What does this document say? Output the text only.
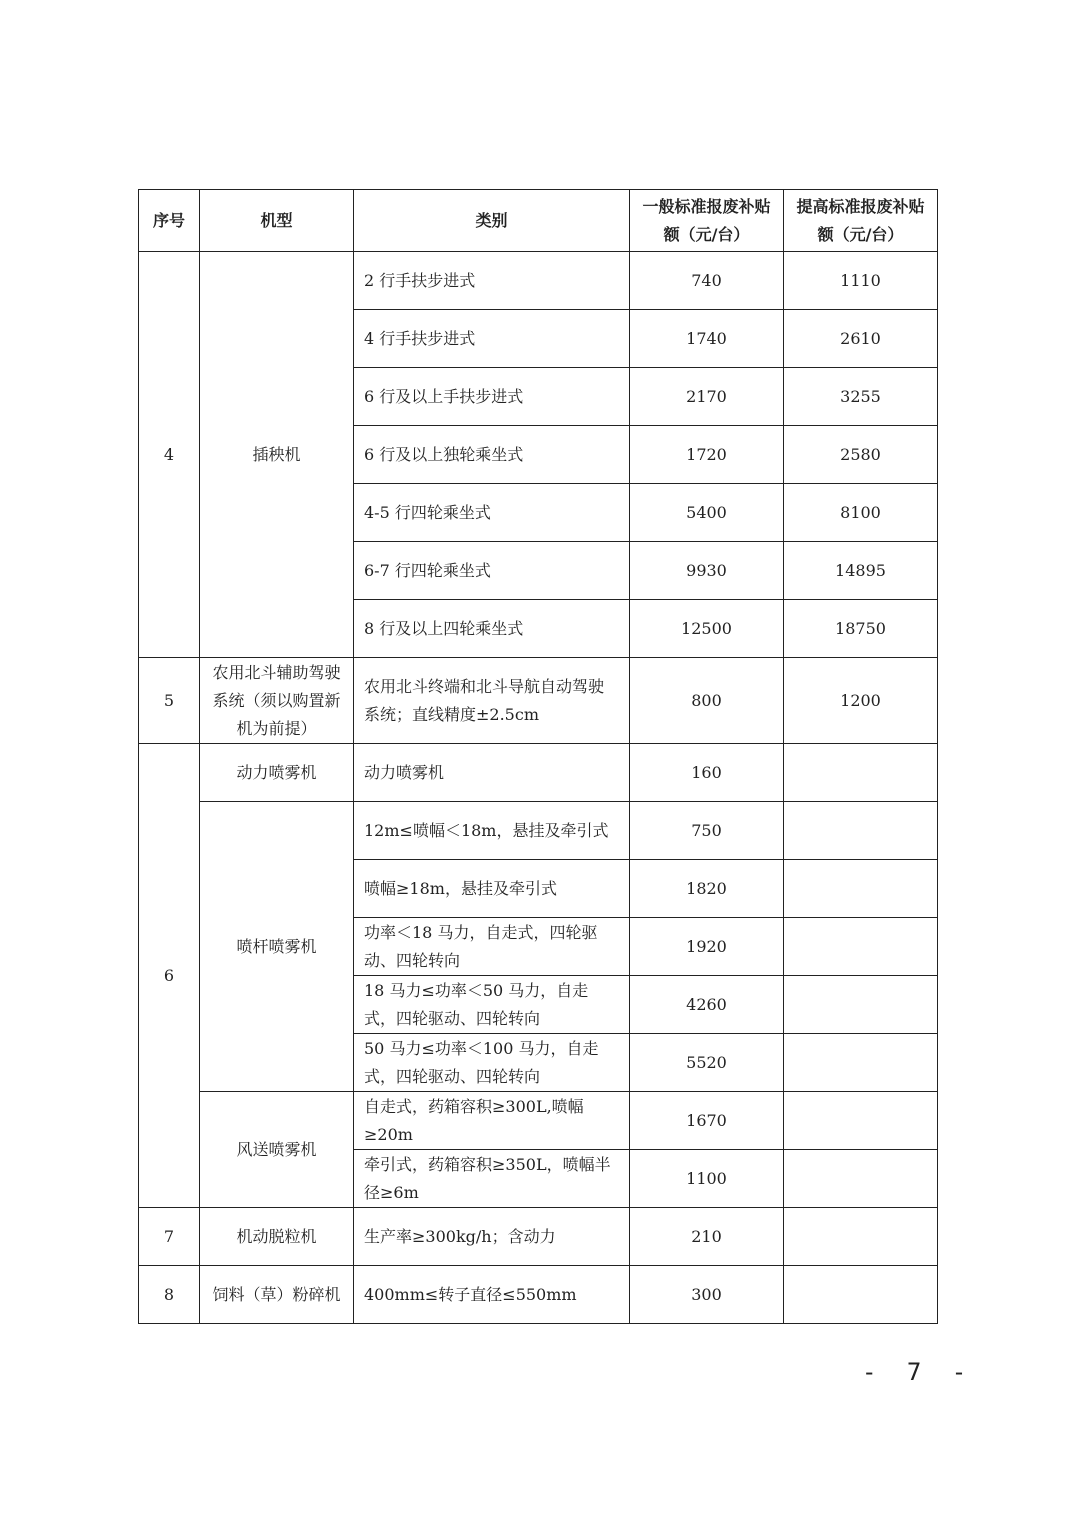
序号	机型	类别	一般标准报废补贴额（元/台）	提高标准报废补贴额（元/台）
4	插秧机	2 行手扶步进式	740	1110
		4 行手扶步进式	1740	2610
		6 行及以上手扶步进式	2170	3255
		6 行及以上独轮乘坐式	1720	2580
		4-5 行四轮乘坐式	5400	8100
		6-7 行四轮乘坐式	9930	14895
		8 行及以上四轮乘坐式	12500	18750
5	农用北斗辅助驾驶系统（须以购置新机为前提）	农用北斗终端和北斗导航自动驾驶系统；直线精度±2.5cm	800	1200
6	动力喷雾机	动力喷雾机	160	
	喷杆喷雾机	12m≤喷幅＜18m，悬挂及牵引式	750	
		喷幅≥18m，悬挂及牵引式	1820	
		功率＜18 马力，自走式，四轮驱动、四轮转向	1920	
		18 马力≤功率＜50 马力，自走式，四轮驱动、四轮转向	4260	
		50 马力≤功率＜100 马力，自走式，四轮驱动、四轮转向	5520	
	风送喷雾机	自走式，药箱容积≥300L,喷幅≥20m	1670	
		牵引式，药箱容积≥350L，喷幅半径≥6m	1100	
7	机动脱粒机	生产率≥300kg/h；含动力	210	
8	饲料（草）粉碎机	400mm≤转子直径≤550mm	300	
- 7 -
